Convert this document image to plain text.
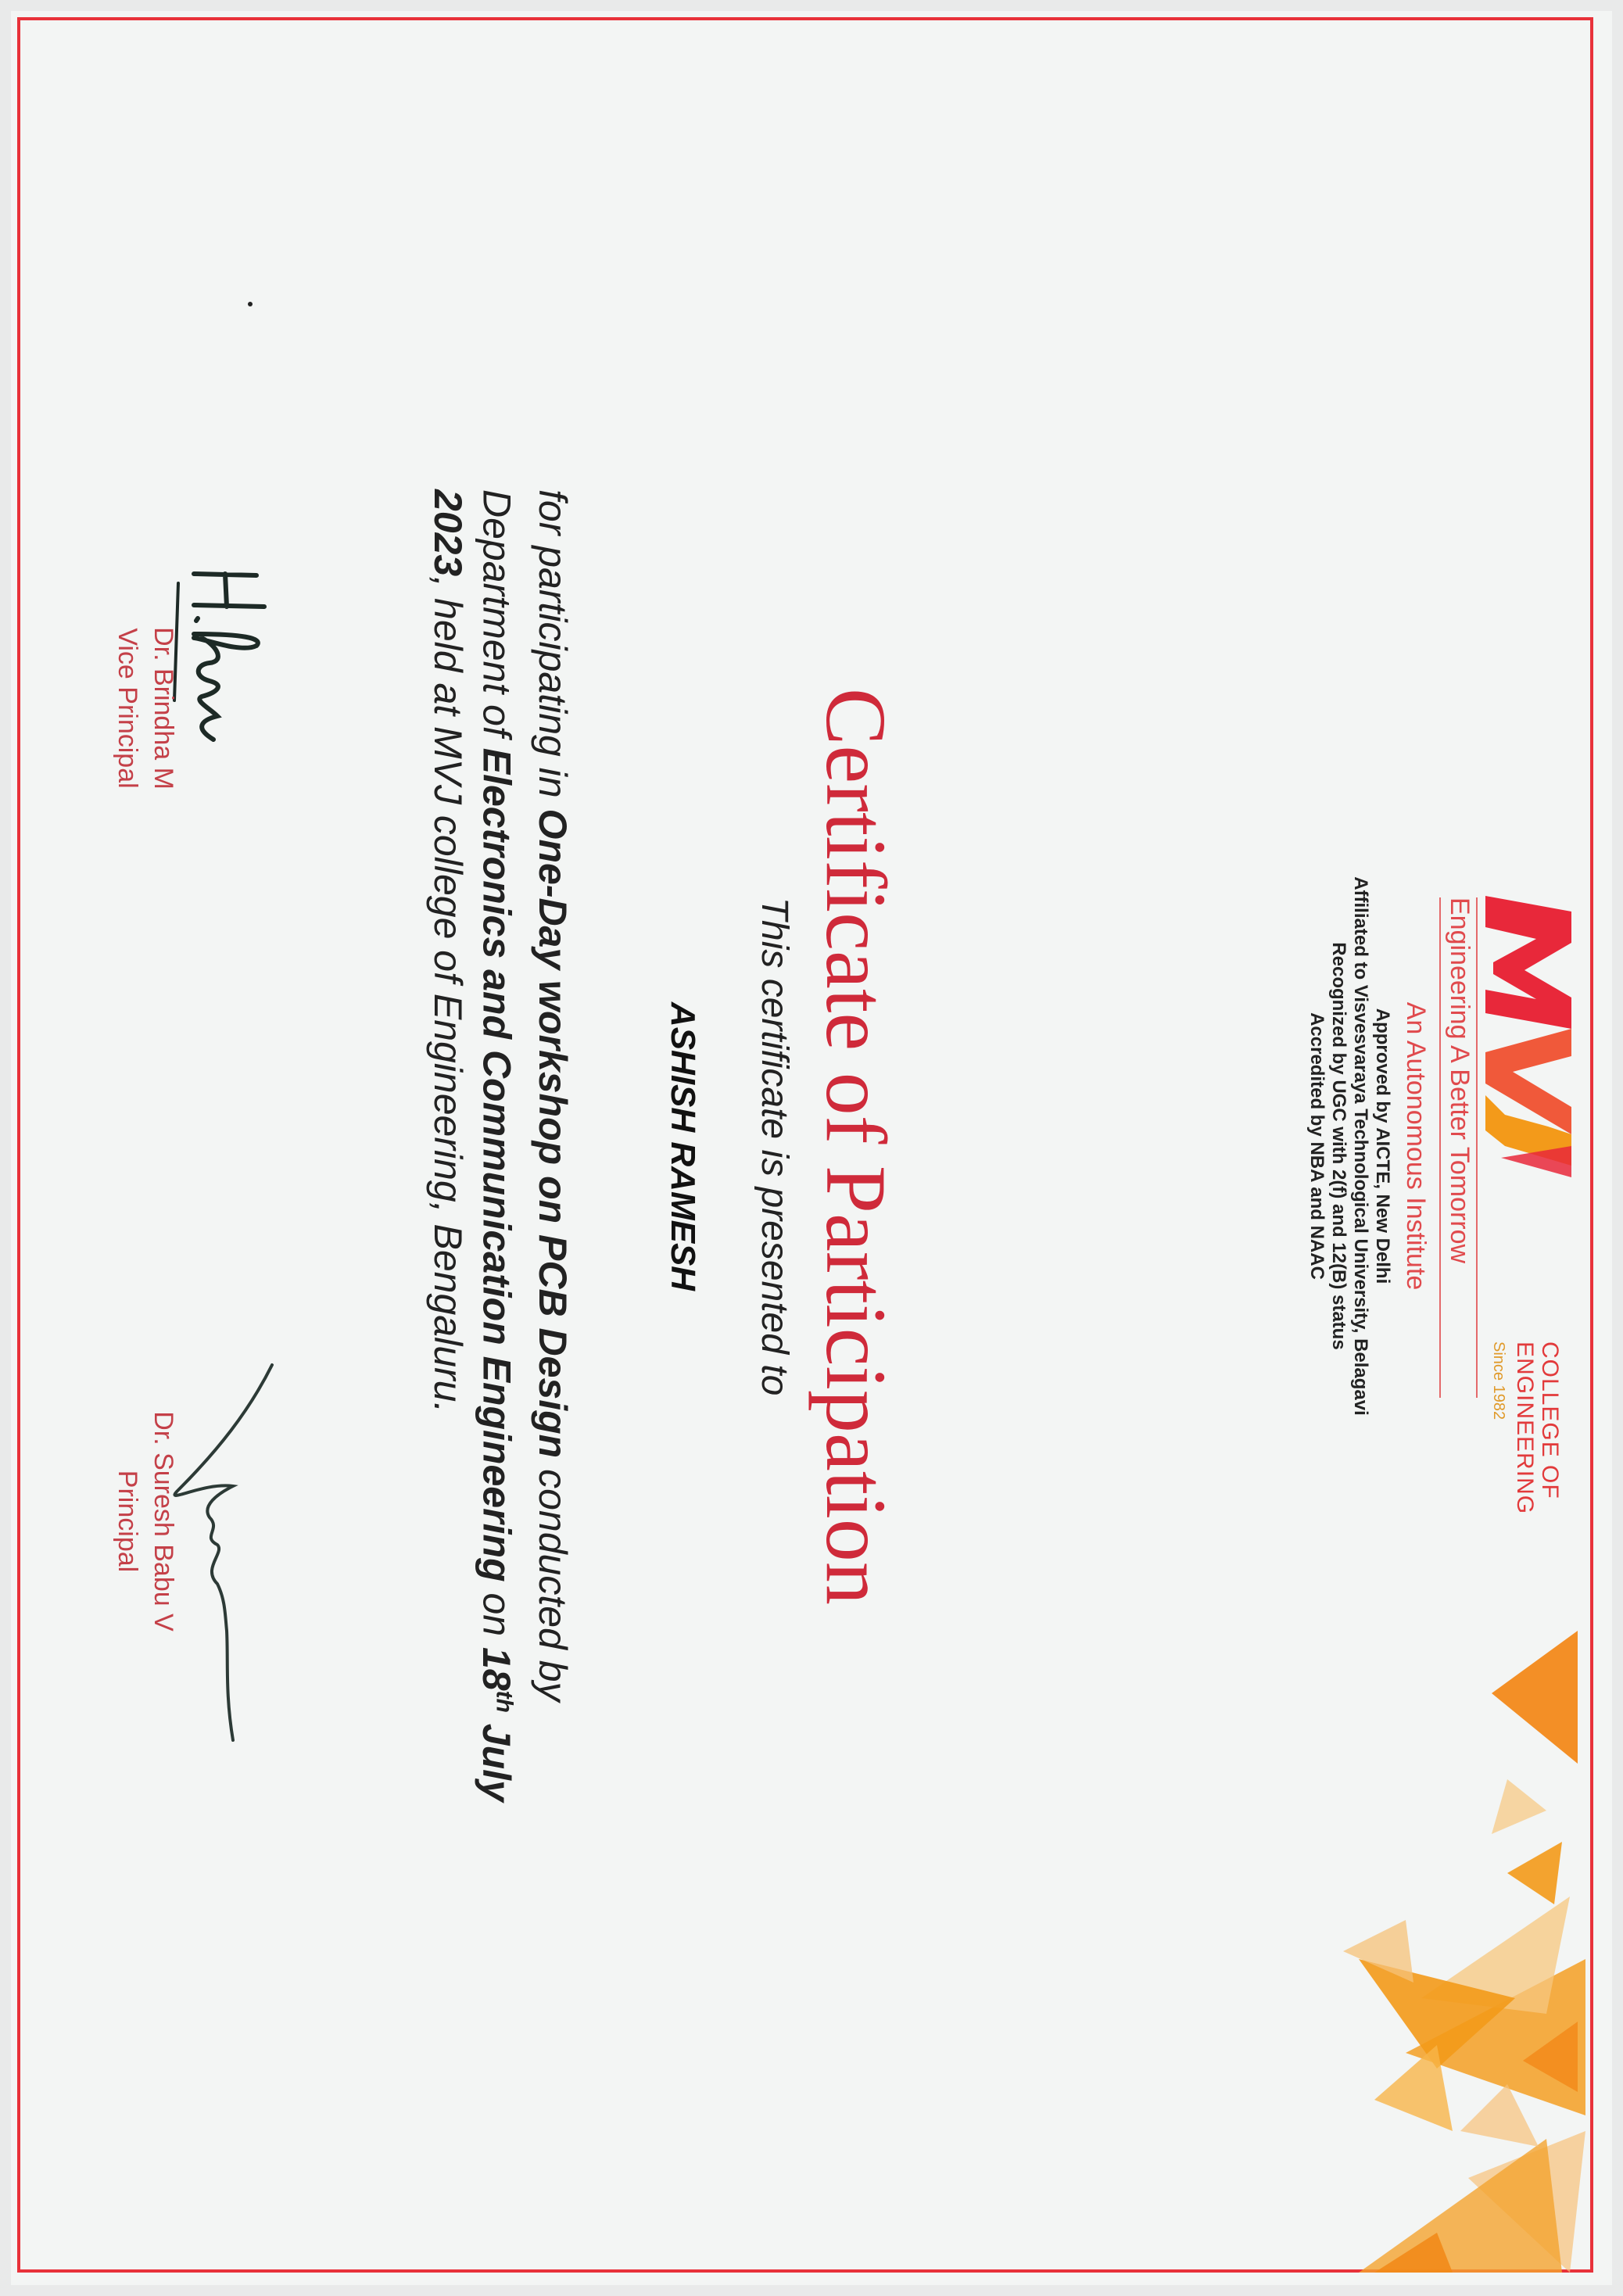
COLLEGE OF
ENGINEERING
Since 1982
Engineering A Better Tomorrow
An Autonomous Institute
Approved by AICTE, New Delhi
Affiliated to Visvesvaraya Technological University, Belagavi
Recognized by UGC with 2(f) and 12(B) status
Accredited by NBA and NAAC
Certificate of Participation
This certificate is presented to
ASHISH RAMESH
for participating in One-Day workshop on PCB Design conducted by Department of Electronics and Communication Engineering on 18th July 2023, held at MVJ college of Engineering, Bengaluru.
Dr. Brindha M
Vice Principal
Dr. Suresh Babu V
Principal
